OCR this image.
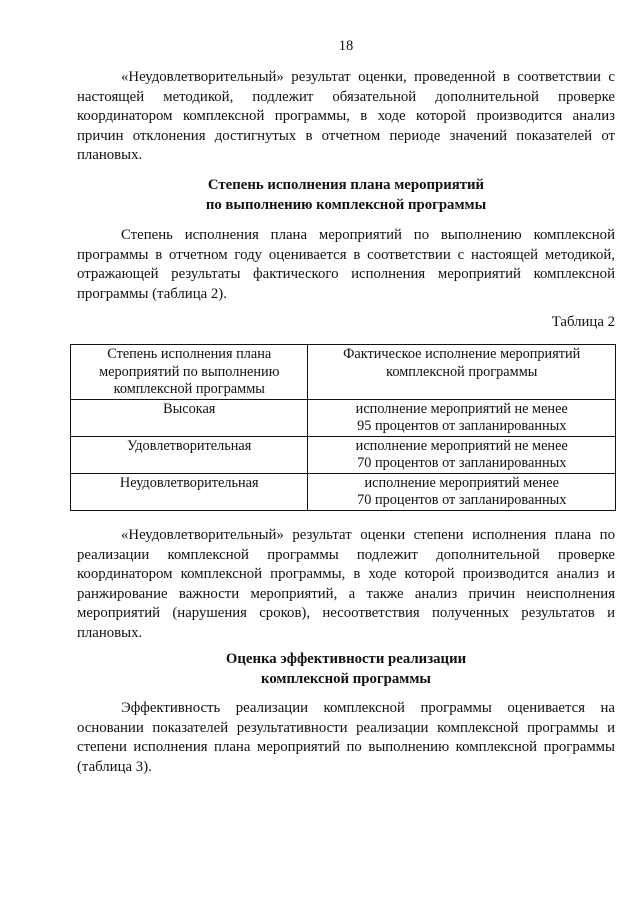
18

«Неудовлетворительный» результат оценки, проведенной в соответствии с настоящей методикой, подлежит обязательной дополнительной проверке координатором комплексной программы, в ходе которой производится анализ причин отклонения достигнутых в отчетном периоде значений показателей от плановых.

Степень исполнения плана мероприятий
по выполнению комплексной программы

Степень исполнения плана мероприятий по выполнению комплексной программы в отчетном году оценивается в соответствии с настоящей методикой, отражающей результаты фактического исполнения мероприятий комплексной программы (таблица 2).

Таблица 2

Степень исполнения плана
мероприятий по выполнению
комплексной программы	Фактическое исполнение мероприятий
комплексной программы

Высокая	исполнение мероприятий не менее
95 процентов от запланированных

Удовлетворительная	исполнение мероприятий не менее
70 процентов от запланированных

Неудовлетворительная	исполнение мероприятий менее
70 процентов от запланированных

«Неудовлетворительный» результат оценки степени исполнения плана по реализации комплексной программы подлежит дополнительной проверке координатором комплексной программы, в ходе которой производится анализ и ранжирование важности мероприятий, а также анализ причин неисполнения мероприятий (нарушения сроков), несоответствия полученных результатов и плановых.

Оценка эффективности реализации
комплексной программы

Эффективность реализации комплексной программы оценивается на основании показателей результативности реализации комплексной программы и степени исполнения плана мероприятий по выполнению комплексной программы (таблица 3).
